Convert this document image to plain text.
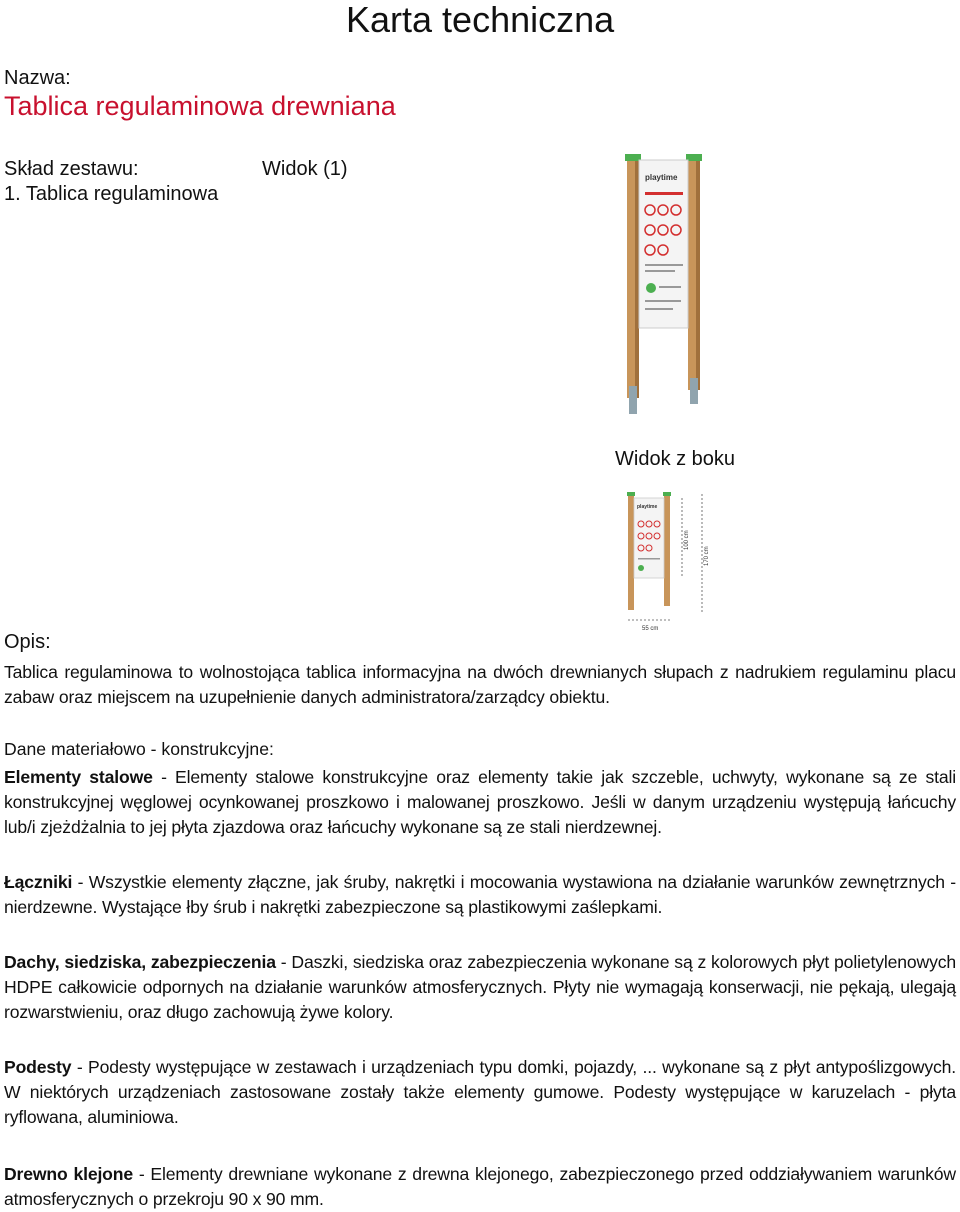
Karta techniczna
Nazwa:
Tablica regulaminowa drewniana
Skład zestawu:	Widok (1)
1. Tablica regulaminowa
playtime
Widok z boku
playtime
100 cm
170 cm
55 cm
Opis:
Tablica regulaminowa to wolnostojąca tablica informacyjna na dwóch drewnianych słupach z nadrukiem regulaminu placu zabaw oraz miejscem na uzupełnienie danych administratora/zarządcy obiektu.
Dane materiałowo - konstrukcyjne:
Elementy stalowe - Elementy stalowe konstrukcyjne oraz elementy takie jak szczeble, uchwyty, wykonane są ze stali konstrukcyjnej węglowej ocynkowanej proszkowo i malowanej proszkowo. Jeśli w danym urządzeniu występują łańcuchy lub/i zjeżdżalnia to jej płyta zjazdowa oraz łańcuchy wykonane są ze stali nierdzewnej.
Łączniki - Wszystkie elementy złączne, jak śruby, nakrętki i mocowania wystawiona na działanie warunków zewnętrznych - nierdzewne. Wystające łby śrub i nakrętki zabezpieczone są plastikowymi zaślepkami.
Dachy, siedziska, zabezpieczenia - Daszki, siedziska oraz zabezpieczenia wykonane są z kolorowych płyt polietylenowych HDPE całkowicie odpornych na działanie warunków atmosferycznych. Płyty nie wymagają konserwacji, nie pękają, ulegają rozwarstwieniu, oraz długo zachowują żywe kolory.
Podesty - Podesty występujące w zestawach i urządzeniach typu domki, pojazdy, ... wykonane są z płyt antypoślizgowych. W niektórych urządzeniach zastosowane zostały także elementy gumowe. Podesty występujące w karuzelach - płyta ryflowana, aluminiowa.
Drewno klejone - Elementy drewniane wykonane z drewna klejonego, zabezpieczonego przed oddziaływaniem warunków atmosferycznych o przekroju 90 x 90 mm.
